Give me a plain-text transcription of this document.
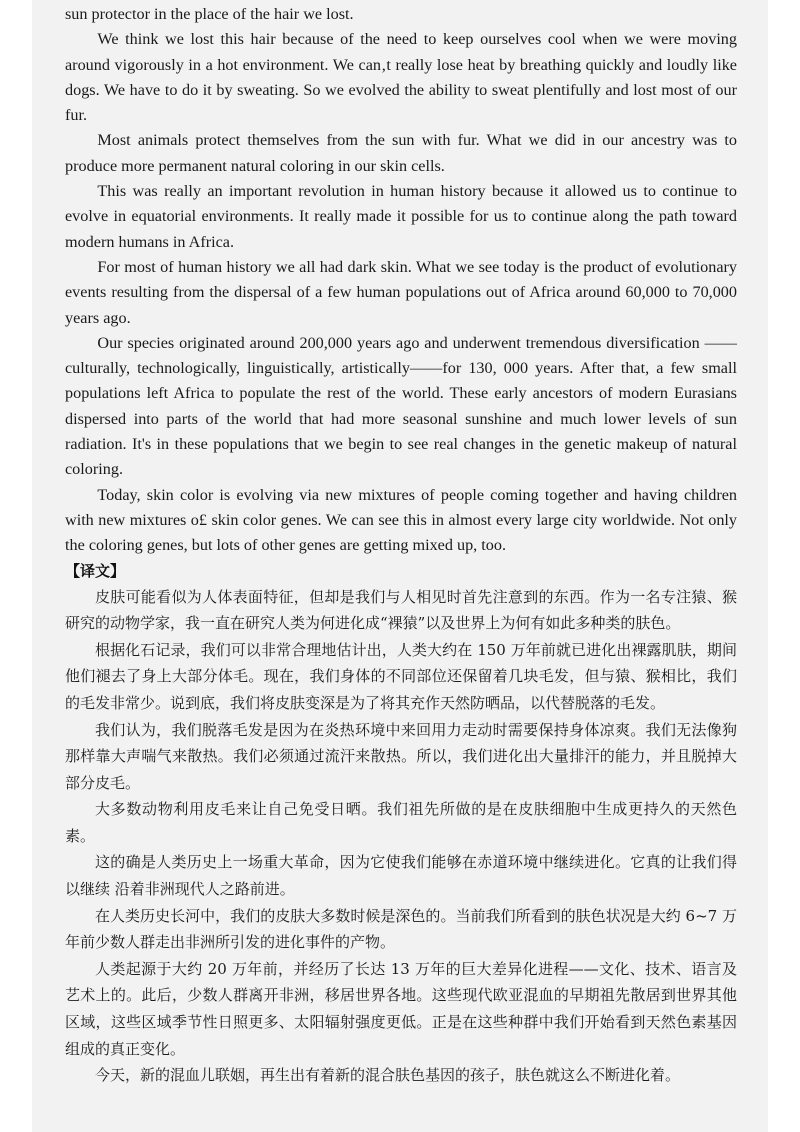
sun protector in the place of the hair we lost.

We think we lost this hair because of the need to keep ourselves cool when we were moving around vigorously in a hot environment. We can‚t really lose heat by breathing quickly and loudly like dogs. We have to do it by sweating. So we evolved the ability to sweat plentifully and lost most of our fur.

Most animals protect themselves from the sun with fur. What we did in our ancestry was to produce more permanent natural coloring in our skin cells.

This was really an important revolution in human history because it allowed us to continue to evolve in equatorial environments. It really made it possible for us to continue along the path toward modern humans in Africa.

For most of human history we all had dark skin. What we see today is the product of evolutionary events resulting from the dispersal of a few human populations out of Africa around 60,000 to 70,000 years ago.

Our species originated around 200,000 years ago and underwent tremendous diversification ——culturally, technologically, linguistically, artistically——for 130, 000 years. After that, a few small populations left Africa to populate the rest of the world. These early ancestors of modern Eurasians dispersed into parts of the world that had more seasonal sunshine and much lower levels of sun radiation. It's in these populations that we begin to see real changes in the genetic makeup of natural coloring.

Today, skin color is evolving via new mixtures of people coming together and having children with new mixtures o£ skin color genes. We can see this in almost every large city worldwide. Not only the coloring genes, but lots of other genes are getting mixed up, too.

【译文】

皮肤可能看似为人体表面特征，但却是我们与人相见时首先注意到的东西。作为一名专注猿、猴研究的动物学家，我一直在研究人类为何进化成“裸猿”以及世界上为何有如此多种类的肤色。

根据化石记录，我们可以非常合理地估计出，人类大约在 150 万年前就已进化出裸露肌肤，期间他们褪去了身上大部分体毛。现在，我们身体的不同部位还保留着几块毛发，但与猿、猴相比，我们的毛发非常少。说到底，我们将皮肤变深是为了将其充作天然防晒品，以代替脱落的毛发。

我们认为，我们脱落毛发是因为在炎热环境中来回用力走动时需要保持身体凉爽。我们无法像狗那样靠大声喘气来散热。我们必须通过流汗来散热。所以，我们进化出大量排汗的能力，并且脱掉大部分皮毛。

大多数动物利用皮毛来让自己免受日晒。我们祖先所做的是在皮肤细胞中生成更持久的天然色素。

这的确是人类历史上一场重大革命，因为它使我们能够在赤道环境中继续进化。它真的让我们得以继续 沿着非洲现代人之路前进。

在人类历史长河中，我们的皮肤大多数时候是深色的。当前我们所看到的肤色状况是大约 6~7 万年前少数人群走出非洲所引发的进化事件的产物。

人类起源于大约 20 万年前，并经历了长达 13 万年的巨大差异化进程——文化、技术、语言及艺术上的。此后，少数人群离开非洲，移居世界各地。这些现代欧亚混血的早期祖先散居到世界其他区域，这些区域季节性日照更多、太阳辐射强度更低。正是在这些种群中我们开始看到天然色素基因组成的真正变化。

今天，新的混血儿联姻，再生出有着新的混合肤色基因的孩子，肤色就这么不断进化着。
